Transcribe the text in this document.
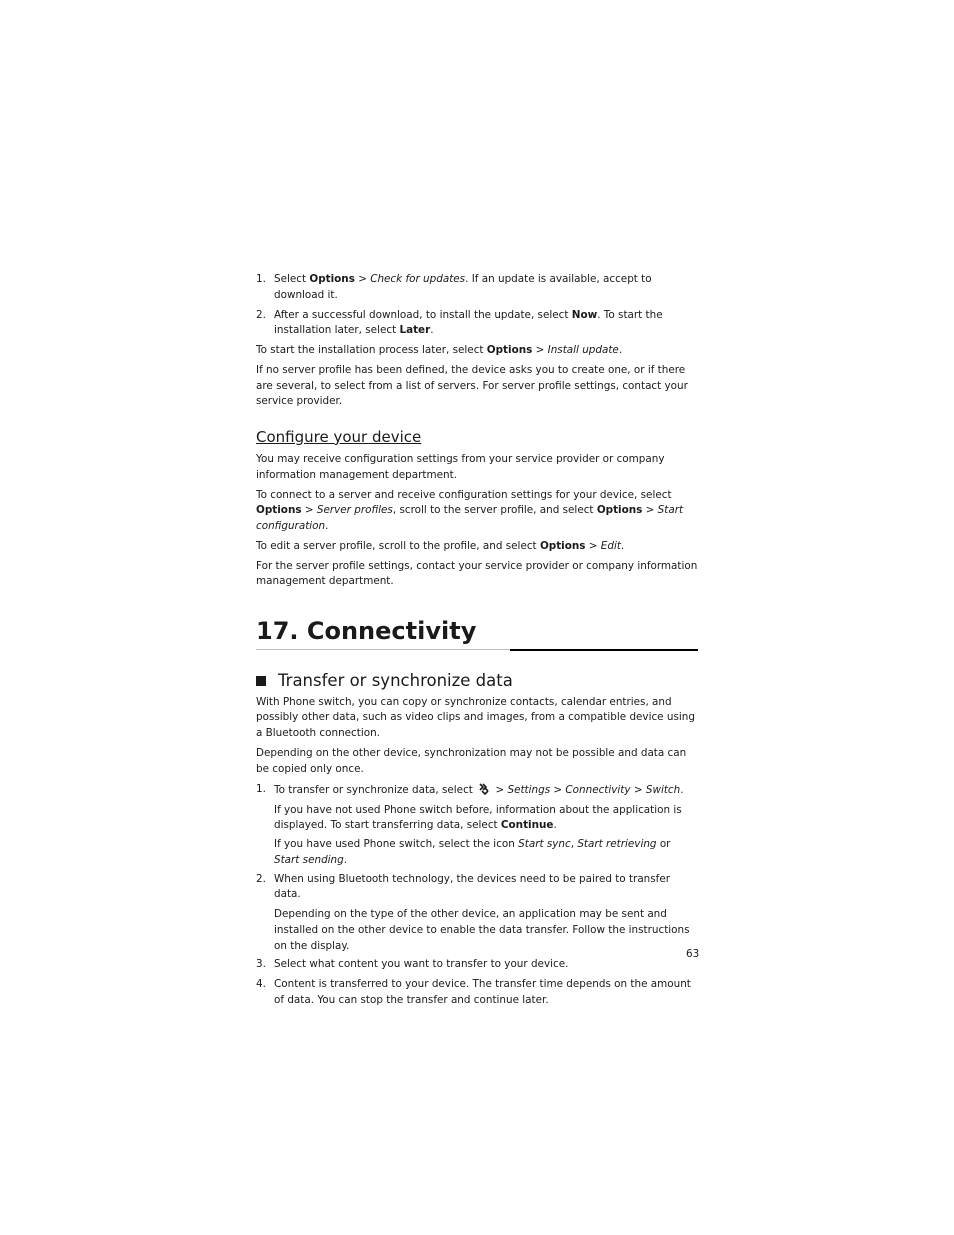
1. Select Options > Check for updates. If an update is available, accept to download it.
2. After a successful download, to install the update, select Now. To start the installation later, select Later.

To start the installation process later, select Options > Install update.

If no server profile has been defined, the device asks you to create one, or if there are several, to select from a list of servers. For server profile settings, contact your service provider.

Configure your device

You may receive configuration settings from your service provider or company information management department.

To connect to a server and receive configuration settings for your device, select Options > Server profiles, scroll to the server profile, and select Options > Start configuration.

To edit a server profile, scroll to the profile, and select Options > Edit.

For the server profile settings, contact your service provider or company information management department.

17. Connectivity
Transfer or synchronize data

With Phone switch, you can copy or synchronize contacts, calendar entries, and possibly other data, such as video clips and images, from a compatible device using a Bluetooth connection.

Depending on the other device, synchronization may not be possible and data can be copied only once.

1. To transfer or synchronize data, select  > Settings > Connectivity > Switch.
If you have not used Phone switch before, information about the application is displayed. To start transferring data, select Continue.
If you have used Phone switch, select the icon Start sync, Start retrieving or Start sending.
2. When using Bluetooth technology, the devices need to be paired to transfer data.
Depending on the type of the other device, an application may be sent and installed on the other device to enable the data transfer. Follow the instructions on the display.
3. Select what content you want to transfer to your device.
4. Content is transferred to your device. The transfer time depends on the amount of data. You can stop the transfer and continue later.
63
